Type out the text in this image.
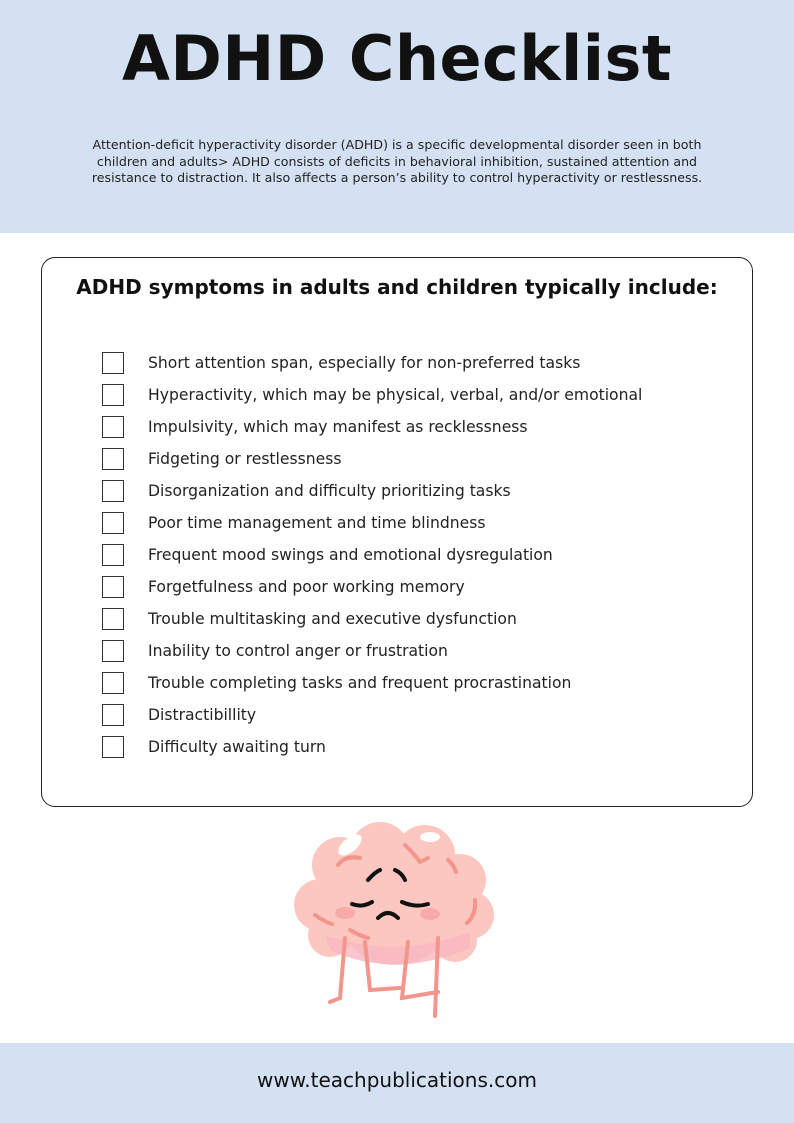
ADHD Checklist
Attention-deficit hyperactivity disorder (ADHD) is a specific developmental disorder seen in both children and adults> ADHD consists of deficits in behavioral inhibition, sustained attention and resistance to distraction. It also affects a person’s ability to control hyperactivity or restlessness.
ADHD symptoms in adults and children typically include:
Short attention span, especially for non-preferred tasks
Hyperactivity, which may be physical, verbal, and/or emotional
Impulsivity, which may manifest as recklessness
Fidgeting or restlessness
Disorganization and difficulty prioritizing tasks
Poor time management and time blindness
Frequent mood swings and emotional dysregulation
Forgetfulness and poor working memory
Trouble multitasking and executive dysfunction
Inability to control anger or frustration
Trouble completing tasks and frequent procrastination
Distractibillity
Difficulty awaiting turn
www.teachpublications.com
